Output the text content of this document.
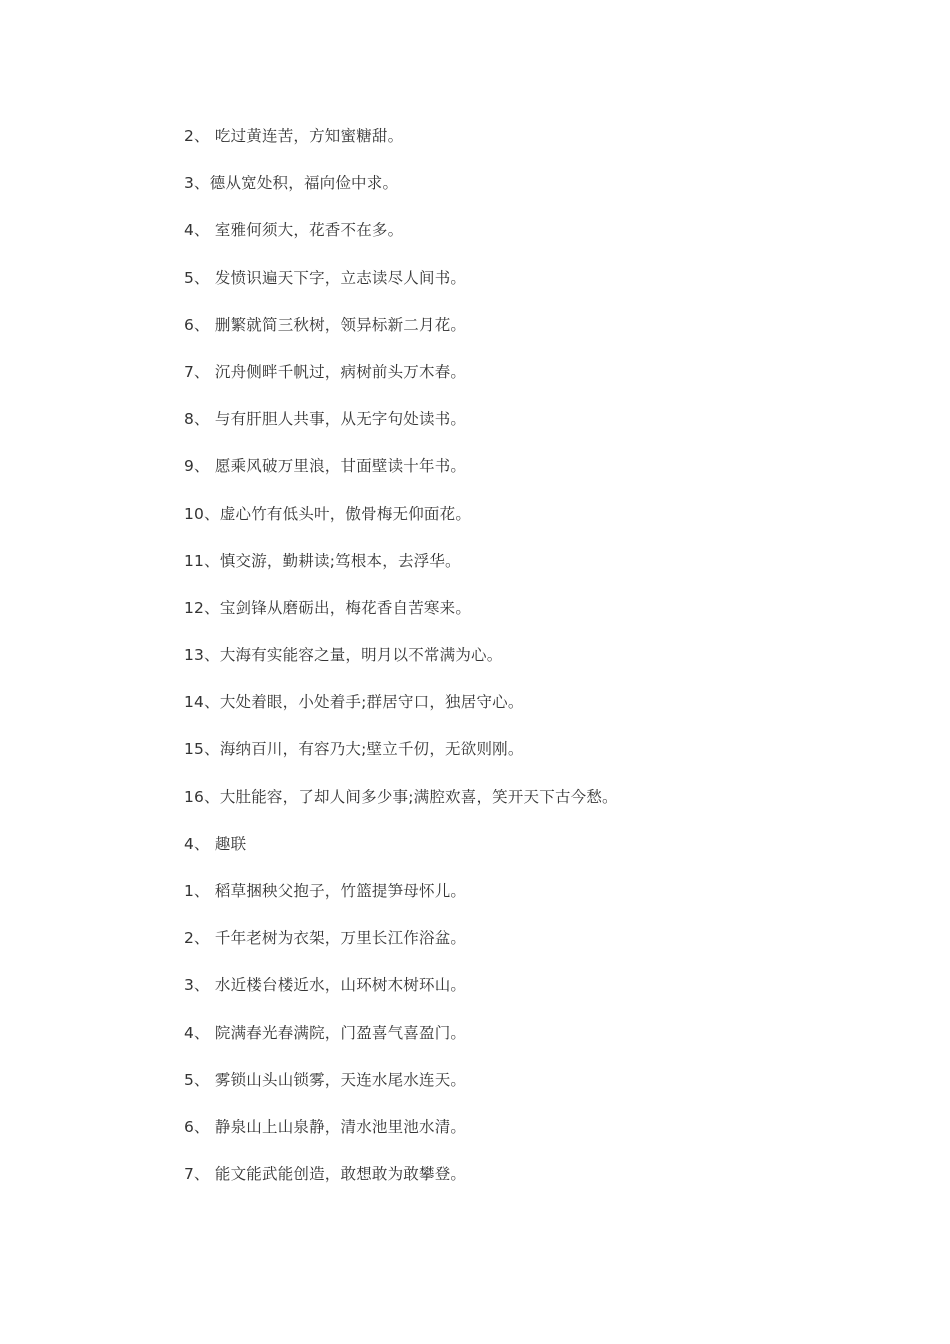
2、 吃过黄连苦，方知蜜糖甜。
3、德从宽处积，福向俭中求。
4、 室雅何须大，花香不在多。
5、 发愤识遍天下字，立志读尽人间书。
6、 删繁就简三秋树，领异标新二月花。
7、 沉舟侧畔千帆过，病树前头万木春。
8、 与有肝胆人共事，从无字句处读书。
9、 愿乘风破万里浪，甘面壁读十年书。
10、虚心竹有低头叶，傲骨梅无仰面花。
11、慎交游，勤耕读;笃根本，去浮华。
12、宝剑锋从磨砺出，梅花香自苦寒来。
13、大海有实能容之量，明月以不常满为心。
14、大处着眼，小处着手;群居守口，独居守心。
15、海纳百川，有容乃大;壁立千仞，无欲则刚。
16、大肚能容，了却人间多少事;满腔欢喜，笑开天下古今愁。
4、 趣联
1、 稻草捆秧父抱子，竹篮提笋母怀儿。
2、 千年老树为衣架，万里长江作浴盆。
3、 水近楼台楼近水，山环树木树环山。
4、 院满春光春满院，门盈喜气喜盈门。
5、 雾锁山头山锁雾，天连水尾水连天。
6、 静泉山上山泉静，清水池里池水清。
7、 能文能武能创造，敢想敢为敢攀登。
